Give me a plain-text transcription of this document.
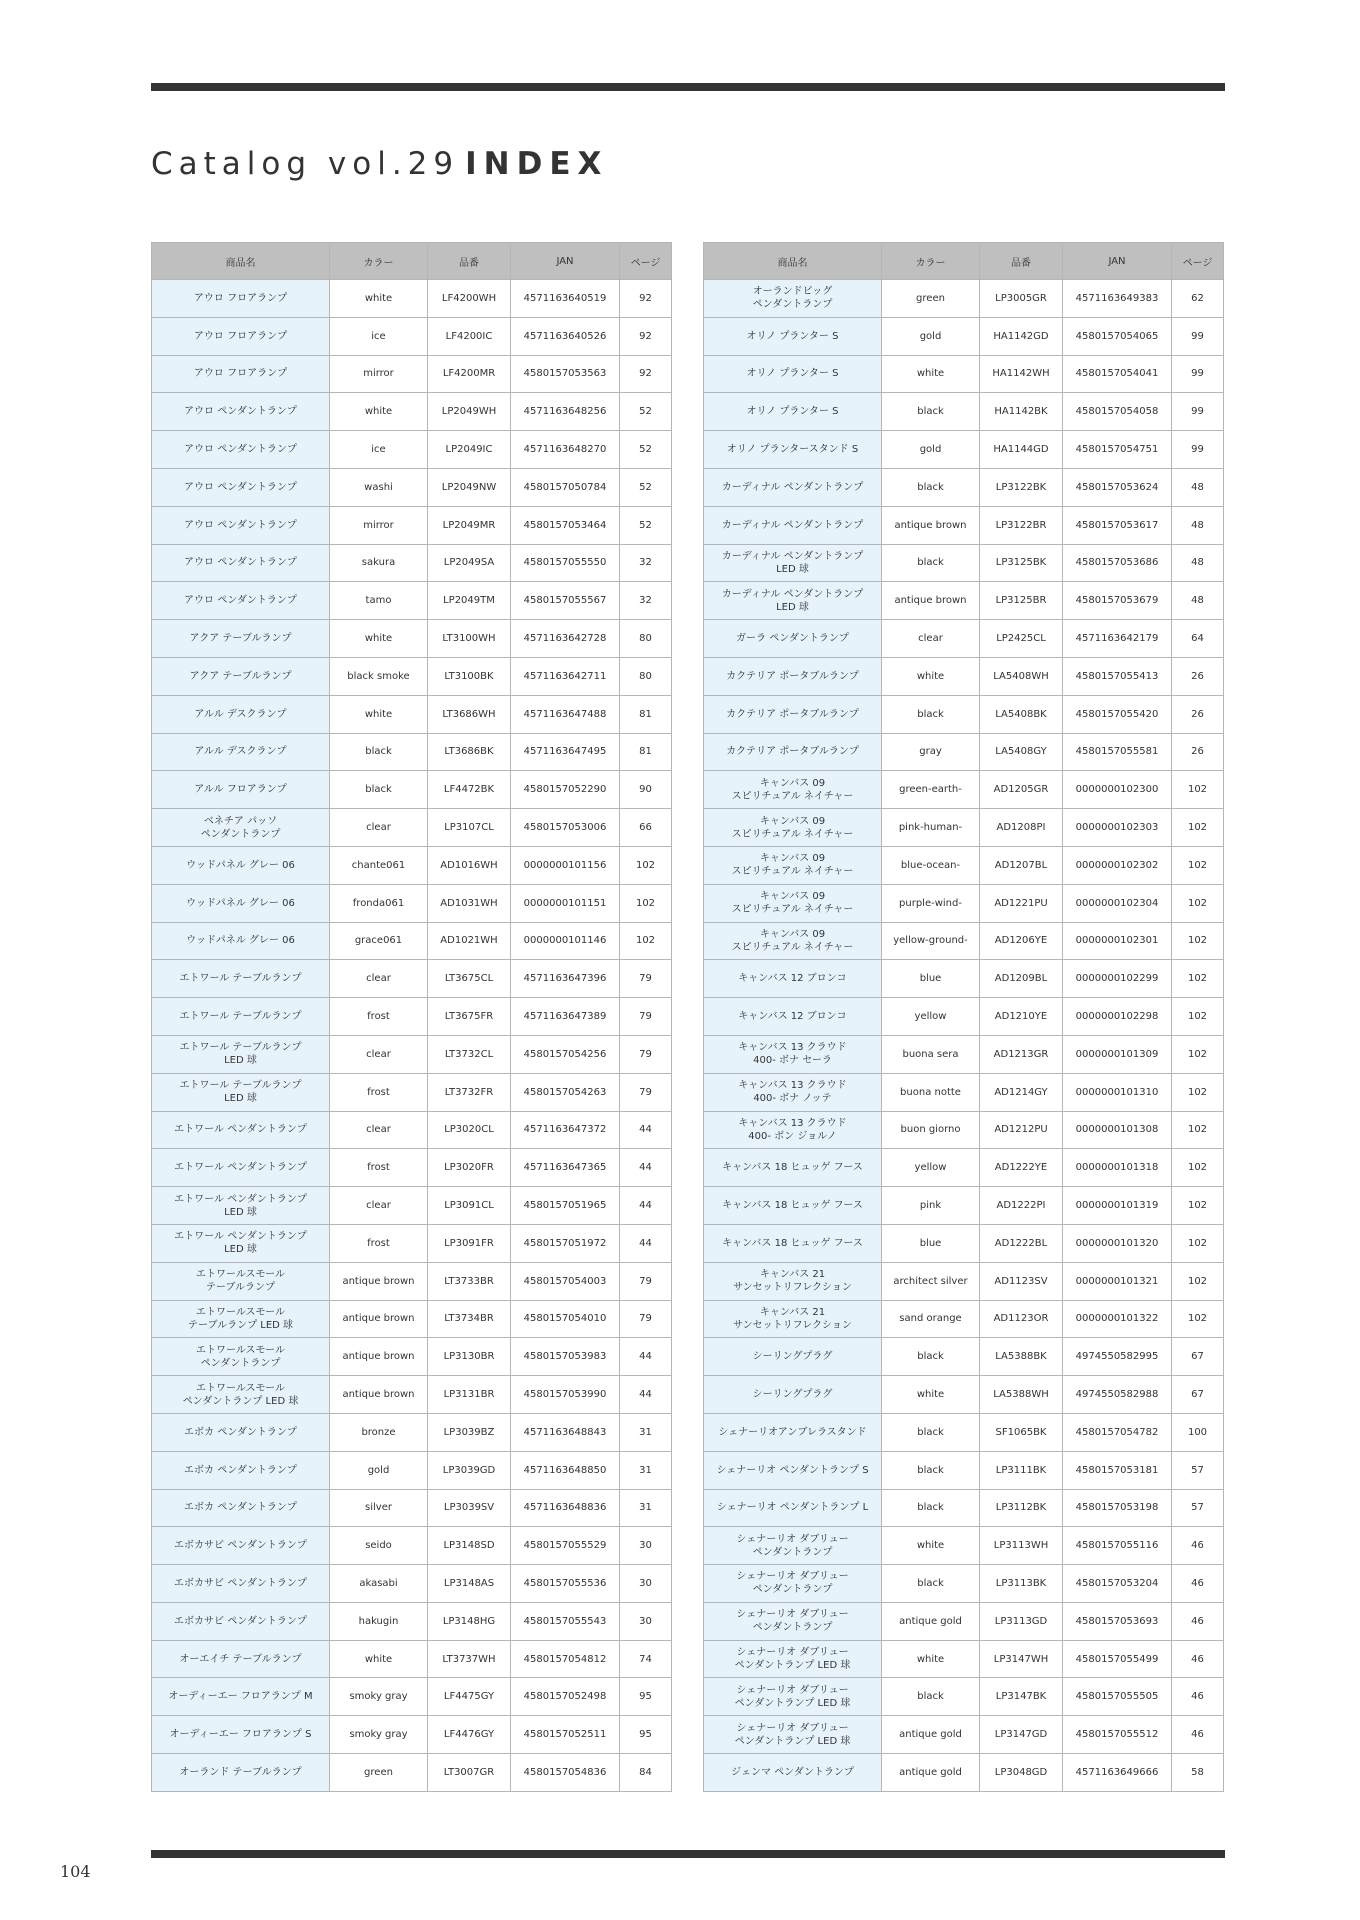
Catalog vol.29 INDEX
商品名	カラー	品番	JAN	ページ
アウロ フロアランプ	white	LF4200WH	4571163640519	92
アウロ フロアランプ	ice	LF4200IC	4571163640526	92
アウロ フロアランプ	mirror	LF4200MR	4580157053563	92
アウロ ペンダントランプ	white	LP2049WH	4571163648256	52
アウロ ペンダントランプ	ice	LP2049IC	4571163648270	52
アウロ ペンダントランプ	washi	LP2049NW	4580157050784	52
アウロ ペンダントランプ	mirror	LP2049MR	4580157053464	52
アウロ ペンダントランプ	sakura	LP2049SA	4580157055550	32
アウロ ペンダントランプ	tamo	LP2049TM	4580157055567	32
アクア テーブルランプ	white	LT3100WH	4571163642728	80
アクア テーブルランプ	black smoke	LT3100BK	4571163642711	80
アルル デスクランプ	white	LT3686WH	4571163647488	81
アルル デスクランプ	black	LT3686BK	4571163647495	81
アルル フロアランプ	black	LF4472BK	4580157052290	90
ベネチア パッソ
ペンダントランプ	clear	LP3107CL	4580157053006	66
ウッドパネル グレー 06	chante061	AD1016WH	0000000101156	102
ウッドパネル グレー 06	fronda061	AD1031WH	0000000101151	102
ウッドパネル グレー 06	grace061	AD1021WH	0000000101146	102
エトワール テーブルランプ	clear	LT3675CL	4571163647396	79
エトワール テーブルランプ	frost	LT3675FR	4571163647389	79
エトワール テーブルランプ
LED 球	clear	LT3732CL	4580157054256	79
エトワール テーブルランプ
LED 球	frost	LT3732FR	4580157054263	79
エトワール ペンダントランプ	clear	LP3020CL	4571163647372	44
エトワール ペンダントランプ	frost	LP3020FR	4571163647365	44
エトワール ペンダントランプ
LED 球	clear	LP3091CL	4580157051965	44
エトワール ペンダントランプ
LED 球	frost	LP3091FR	4580157051972	44
エトワールスモール
テーブルランプ	antique brown	LT3733BR	4580157054003	79
エトワールスモール
テーブルランプ LED 球	antique brown	LT3734BR	4580157054010	79
エトワールスモール
ペンダントランプ	antique brown	LP3130BR	4580157053983	44
エトワールスモール
ペンダントランプ LED 球	antique brown	LP3131BR	4580157053990	44
エボカ ペンダントランプ	bronze	LP3039BZ	4571163648843	31
エボカ ペンダントランプ	gold	LP3039GD	4571163648850	31
エボカ ペンダントランプ	silver	LP3039SV	4571163648836	31
エボカサビ ペンダントランプ	seido	LP3148SD	4580157055529	30
エボカサビ ペンダントランプ	akasabi	LP3148AS	4580157055536	30
エボカサビ ペンダントランプ	hakugin	LP3148HG	4580157055543	30
オーエイチ テーブルランプ	white	LT3737WH	4580157054812	74
オーディーエー フロアランプ M	smoky gray	LF4475GY	4580157052498	95
オーディーエー フロアランプ S	smoky gray	LF4476GY	4580157052511	95
オーランド テーブルランプ	green	LT3007GR	4580157054836	84
商品名	カラー	品番	JAN	ページ
オーランドビッグ
ペンダントランプ	green	LP3005GR	4571163649383	62
オリノ プランター S	gold	HA1142GD	4580157054065	99
オリノ プランター S	white	HA1142WH	4580157054041	99
オリノ プランター S	black	HA1142BK	4580157054058	99
オリノ プランタースタンド S	gold	HA1144GD	4580157054751	99
カーディナル ペンダントランプ	black	LP3122BK	4580157053624	48
カーディナル ペンダントランプ	antique brown	LP3122BR	4580157053617	48
カーディナル ペンダントランプ
LED 球	black	LP3125BK	4580157053686	48
カーディナル ペンダントランプ
LED 球	antique brown	LP3125BR	4580157053679	48
ガーラ ペンダントランプ	clear	LP2425CL	4571163642179	64
カクテリア ポータブルランプ	white	LA5408WH	4580157055413	26
カクテリア ポータブルランプ	black	LA5408BK	4580157055420	26
カクテリア ポータブルランプ	gray	LA5408GY	4580157055581	26
キャンバス 09
スピリチュアル ネイチャー	green-earth-	AD1205GR	0000000102300	102
キャンバス 09
スピリチュアル ネイチャー	pink-human-	AD1208PI	0000000102303	102
キャンバス 09
スピリチュアル ネイチャー	blue-ocean-	AD1207BL	0000000102302	102
キャンバス 09
スピリチュアル ネイチャー	purple-wind-	AD1221PU	0000000102304	102
キャンバス 09
スピリチュアル ネイチャー	yellow-ground-	AD1206YE	0000000102301	102
キャンバス 12 ブロンコ	blue	AD1209BL	0000000102299	102
キャンバス 12 ブロンコ	yellow	AD1210YE	0000000102298	102
キャンバス 13 クラウド
400- ボナ セーラ	buona sera	AD1213GR	0000000101309	102
キャンバス 13 クラウド
400- ボナ ノッテ	buona notte	AD1214GY	0000000101310	102
キャンバス 13 クラウド
400- ボン ジョルノ	buon giorno	AD1212PU	0000000101308	102
キャンバス 18 ヒュッゲ フース	yellow	AD1222YE	0000000101318	102
キャンバス 18 ヒュッゲ フース	pink	AD1222PI	0000000101319	102
キャンバス 18 ヒュッゲ フース	blue	AD1222BL	0000000101320	102
キャンバス 21
サンセットリフレクション	architect silver	AD1123SV	0000000101321	102
キャンバス 21
サンセットリフレクション	sand orange	AD1123OR	0000000101322	102
シーリングプラグ	black	LA5388BK	4974550582995	67
シーリングプラグ	white	LA5388WH	4974550582988	67
シェナーリオアンブレラスタンド	black	SF1065BK	4580157054782	100
シェナーリオ ペンダントランプ S	black	LP3111BK	4580157053181	57
シェナーリオ ペンダントランプ L	black	LP3112BK	4580157053198	57
シェナーリオ ダブリュー
ペンダントランプ	white	LP3113WH	4580157055116	46
シェナーリオ ダブリュー
ペンダントランプ	black	LP3113BK	4580157053204	46
シェナーリオ ダブリュー
ペンダントランプ	antique gold	LP3113GD	4580157053693	46
シェナーリオ ダブリュー
ペンダントランプ LED 球	white	LP3147WH	4580157055499	46
シェナーリオ ダブリュー
ペンダントランプ LED 球	black	LP3147BK	4580157055505	46
シェナーリオ ダブリュー
ペンダントランプ LED 球	antique gold	LP3147GD	4580157055512	46
ジェンマ ペンダントランプ	antique gold	LP3048GD	4571163649666	58
104
